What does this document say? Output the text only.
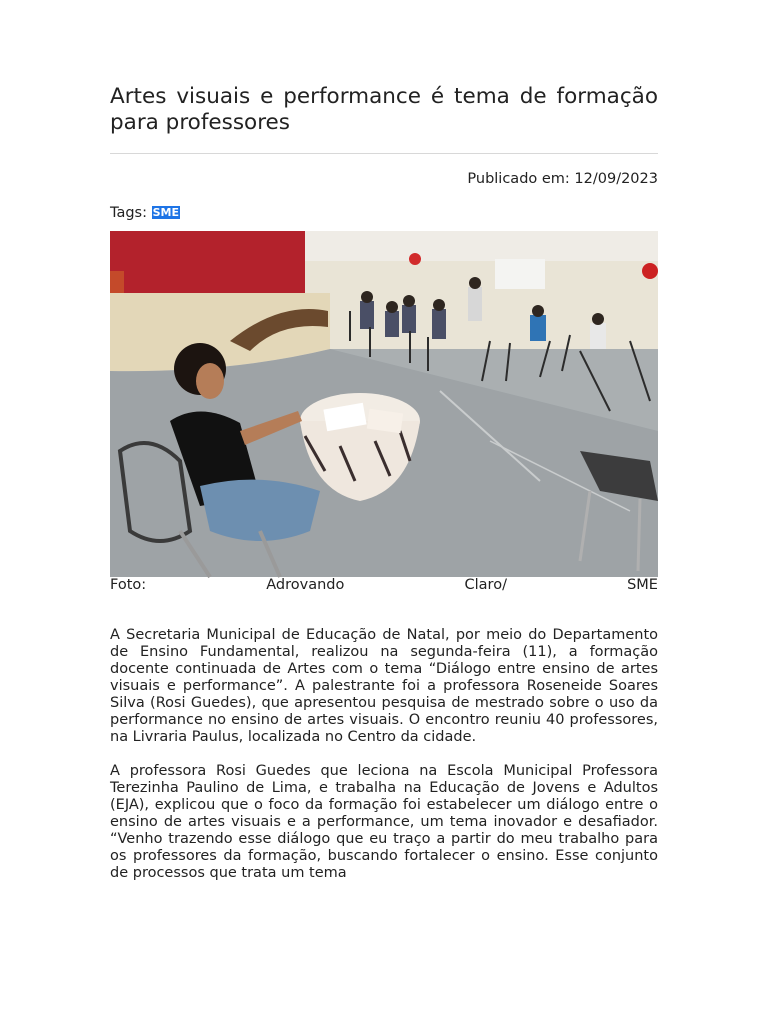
Artes visuais e performance é tema de formação para professores
Publicado em: 12/09/2023
Tags: SME
Foto:	Adrovando	Claro/	SME

A Secretaria Municipal de Educação de Natal, por meio do Departamento de Ensino Fundamental, realizou na segunda-feira (11), a formação docente continuada de Artes com o tema “Diálogo entre ensino de artes visuais e performance”. A palestrante foi a professora Roseneide Soares Silva (Rosi Guedes), que apresentou pesquisa de mestrado sobre o uso da performance no ensino de artes visuais. O encontro reuniu 40 professores, na Livraria Paulus, localizada no Centro da cidade.

A professora Rosi Guedes que leciona na Escola Municipal Professora Terezinha Paulino de Lima, e trabalha na Educação de Jovens e Adultos (EJA), explicou que o foco da formação foi estabelecer um diálogo entre o ensino de artes visuais e a performance, um tema inovador e desafiador. “Venho trazendo esse diálogo que eu traço a partir do meu trabalho para os professores da formação, buscando fortalecer o ensino. Esse conjunto de processos que trata um tema
